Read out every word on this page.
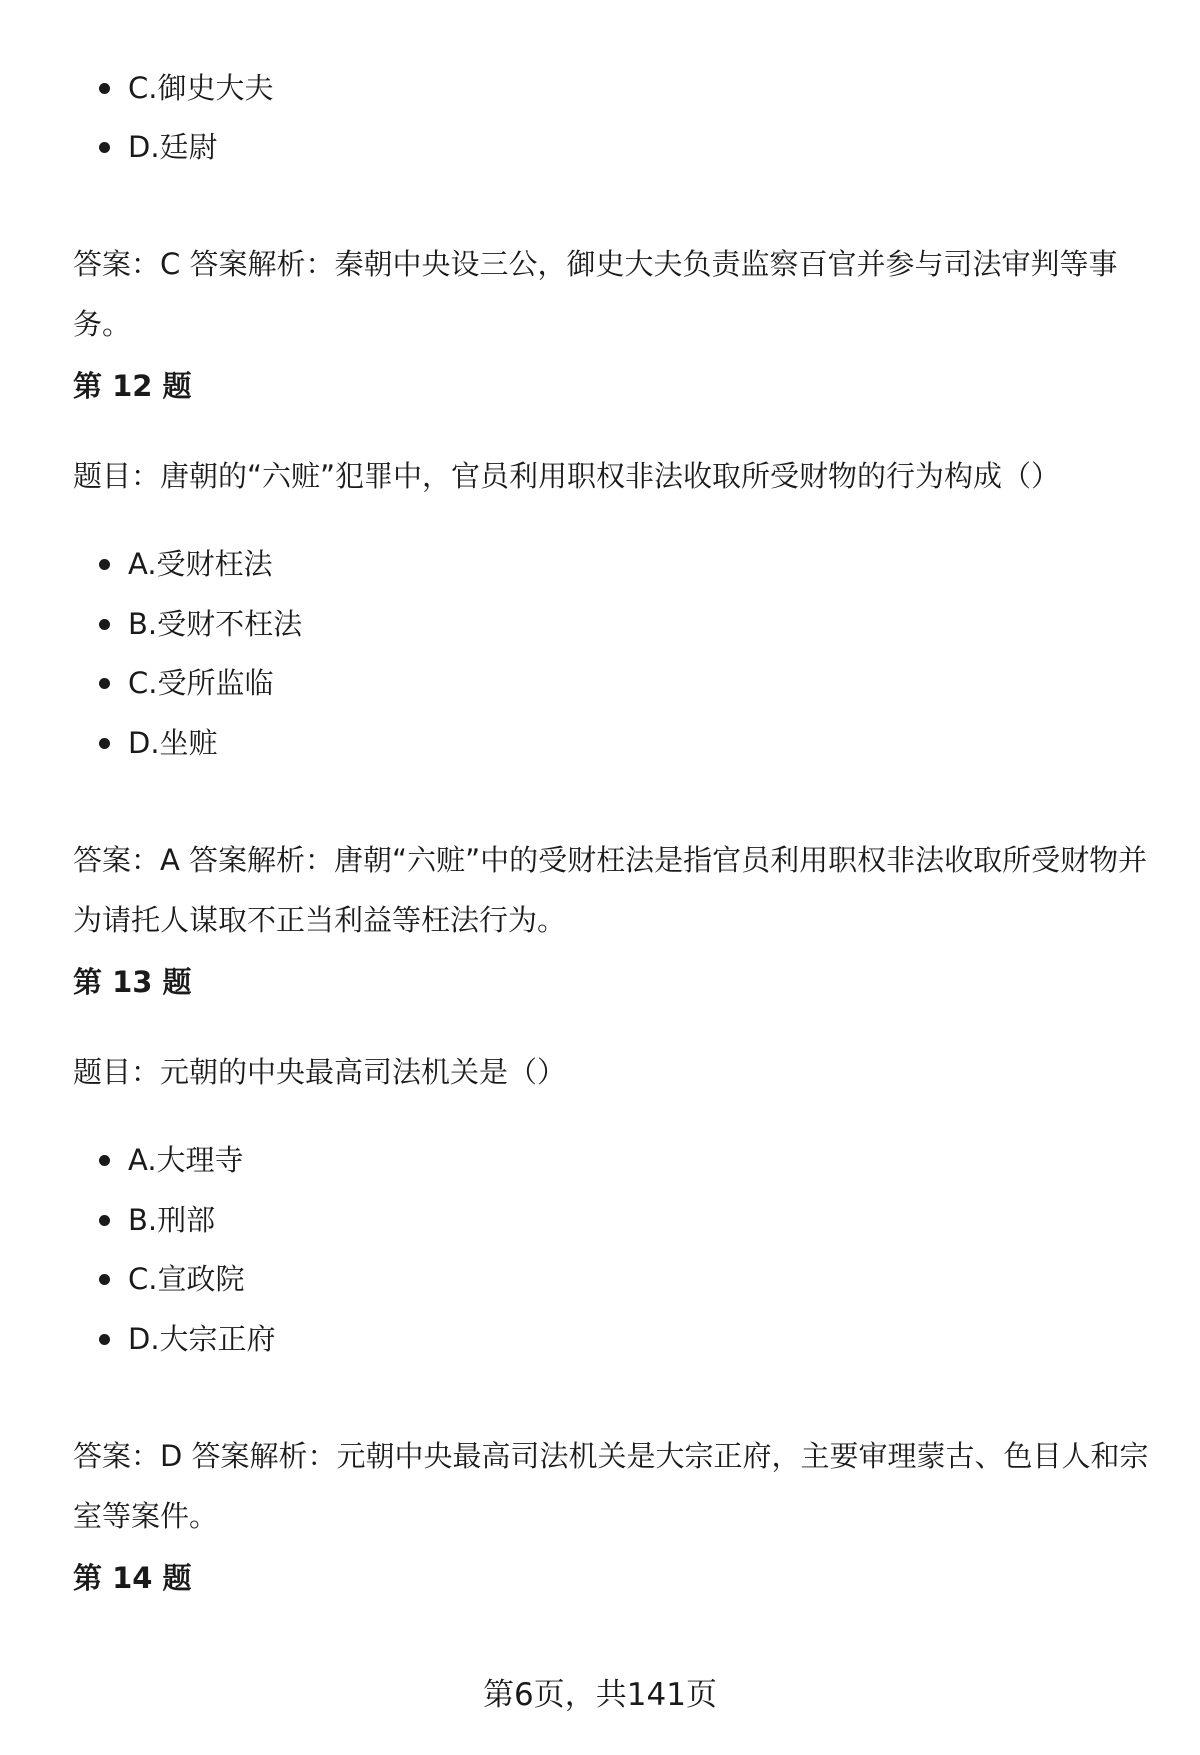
C.御史大夫
D.廷尉

答案：C 答案解析：秦朝中央设三公，御史大夫负责监察百官并参与司法审判等事务。

第 12 题

题目：唐朝的“六赃”犯罪中，官员利用职权非法收取所受财物的行为构成（）

A.受财枉法
B.受财不枉法
C.受所监临
D.坐赃

答案：A 答案解析：唐朝“六赃”中的受财枉法是指官员利用职权非法收取所受财物并为请托人谋取不正当利益等枉法行为。

第 13 题

题目：元朝的中央最高司法机关是（）

A.大理寺
B.刑部
C.宣政院
D.大宗正府

答案：D 答案解析：元朝中央最高司法机关是大宗正府，主要审理蒙古、色目人和宗室等案件。

第 14 题
第6页，共141页
